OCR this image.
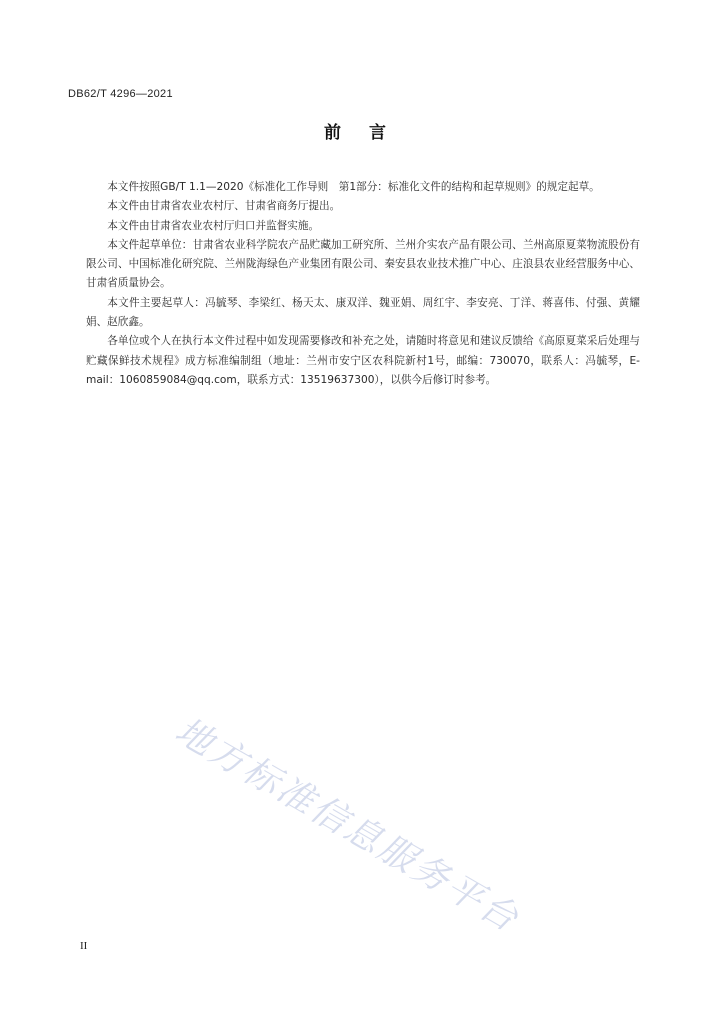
DB62/T 4296—2021
前言

本文件按照GB/T 1.1—2020《标准化工作导则　第1部分：标准化文件的结构和起草规则》的规定起草。

本文件由甘肃省农业农村厅、甘肃省商务厅提出。

本文件由甘肃省农业农村厅归口并监督实施。

本文件起草单位：甘肃省农业科学院农产品贮藏加工研究所、兰州介实农产品有限公司、兰州高原夏菜物流股份有限公司、中国标准化研究院、兰州陇海绿色产业集团有限公司、秦安县农业技术推广中心、庄浪县农业经营服务中心、甘肃省质量协会。

本文件主要起草人：冯毓琴、李梁红、杨天太、康双洋、魏亚娟、周红宇、李安亮、丁洋、蒋喜伟、付强、黄耀娟、赵欣鑫。

各单位或个人在执行本文件过程中如发现需要修改和补充之处，请随时将意见和建议反馈给《高原夏菜采后处理与贮藏保鲜技术规程》成方标准编制组（地址：兰州市安宁区农科院新村1号，邮编：730070，联系人：冯毓琴，E-mail：1060859084@qq.com，联系方式：13519637300），以供今后修订时参考。

地方标准信息服务平台
II
